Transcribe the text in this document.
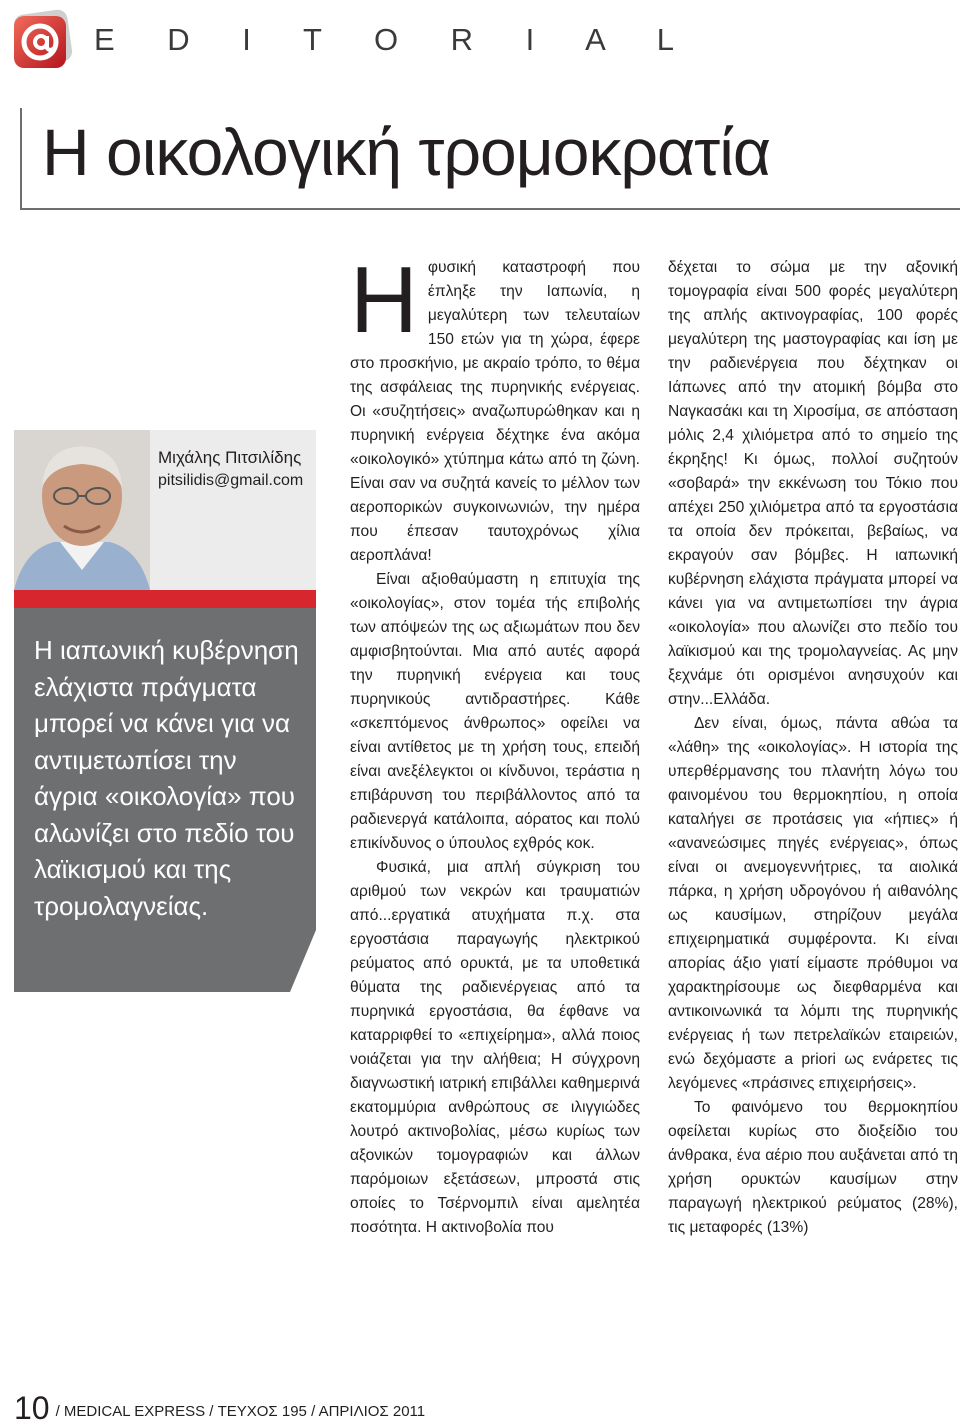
E D I T O R I A L
Η οικολογική τρομοκρατία
Μιχάλης Πιτσιλίδης
pitsilidis@gmail.com

Η ιαπωνική κυβέρνηση ελάχιστα πράγματα μπορεί να κάνει για να αντιμετωπίσει την άγρια «οικολογία» που αλωνίζει στο πεδίο του λαϊκισμού και της τρομολαγνείας.

Ηφυσική καταστροφή που έπληξε την Ιαπωνία, η μεγαλύτερη των τελευταίων 150 ετών για τη χώρα, έφερε στο προσκήνιο, με ακραίο τρόπο, το θέμα της ασφάλειας της πυρηνικής ενέργειας. Οι «συζητήσεις» αναζωπυρώθηκαν και η πυρηνική ενέργεια δέχτηκε ένα ακόμα «οικολογικό» χτύπημα κάτω από τη ζώνη. Είναι σαν να συζητά κανείς το μέλλον των αεροπορικών συγκοινωνιών, την ημέρα που έπεσαν ταυτοχρόνως χίλια αεροπλάνα!

Είναι αξιοθαύμαστη η επιτυχία της «οικολογίας», στον τομέα τής επιβολής των απόψεών της ως αξιωμάτων που δεν αμφισβητούνται. Μια από αυτές αφορά την πυρηνική ενέργεια και τους πυρηνικούς αντιδραστήρες. Κάθε «σκεπτόμενος άνθρωπος» οφείλει να είναι αντίθετος με τη χρήση τους, επειδή είναι ανεξέλεγκτοι οι κίνδυνοι, τεράστια η επιβάρυνση του περιβάλλοντος από τα ραδιενεργά κατάλοιπα, αόρατος και πολύ επικίνδυνος ο ύπουλος εχθρός κοκ.

Φυσικά, μια απλή σύγκριση του αριθμού των νεκρών και τραυματιών από...εργατικά ατυχήματα π.χ. στα εργοστάσια παραγωγής ηλεκτρικού ρεύματος από ορυκτά, με τα υποθετικά θύματα της ραδιενέργειας από τα πυρηνικά εργοστάσια, θα έφθανε να καταρριφθεί το «επιχείρημα», αλλά ποιος νοιάζεται για την αλήθεια; Η σύγχρονη διαγνωστική ιατρική επιβάλλει καθημερινά εκατομμύρια ανθρώπους σε ιλιγγιώδες λουτρό ακτινοβολίας, μέσω κυρίως των αξονικών τομογραφιών και άλλων παρόμοιων εξετάσεων, μπροστά στις οποίες το Τσέρνομπιλ είναι αμελητέα ποσότητα. Η ακτινοβολία που

δέχεται το σώμα με την αξονική τομογραφία είναι 500 φορές μεγαλύτερη της απλής ακτινογραφίας, 100 φορές μεγαλύτερη της μαστογραφίας και ίση με την ραδιενέργεια που δέχτηκαν οι Ιάπωνες από την ατομική βόμβα στο Ναγκασάκι και τη Χιροσίμα, σε απόσταση μόλις 2,4 χιλιόμετρα από το σημείο της έκρηξης! Κι όμως, πολλοί συζητούν «σοβαρά» την εκκένωση του Τόκιο που απέχει 250 χιλιόμετρα από τα εργοστάσια τα οποία δεν πρόκειται, βεβαίως, να εκραγούν σαν βόμβες. Η ιαπωνική κυβέρνηση ελάχιστα πράγματα μπορεί να κάνει για να αντιμετωπίσει την άγρια «οικολογία» που αλωνίζει στο πεδίο του λαϊκισμού και της τρομολαγνείας. Ας μην ξεχνάμε ότι ορισμένοι ανησυχούν και στην...Ελλάδα.

Δεν είναι, όμως, πάντα αθώα τα «λάθη» της «οικολογίας». Η ιστορία της υπερθέρμανσης του πλανήτη λόγω του φαινομένου του θερμοκηπίου, η οποία καταλήγει σε προτάσεις για «ήπιες» ή «ανανεώσιμες πηγές ενέργειας», όπως είναι οι ανεμογεννήτριες, τα αιολικά πάρκα, η χρήση υδρογόνου ή αιθανόλης ως καυσίμων, στηρίζουν μεγάλα επιχειρηματικά συμφέροντα. Κι είναι απορίας άξιο γιατί είμαστε πρόθυμοι να χαρακτηρίσουμε ως διεφθαρμένα και αντικοινωνικά τα λόμπι της πυρηνικής ενέργειας ή των πετρελαϊκών εταιρειών, ενώ δεχόμαστε a priori ως ενάρετες τις λεγόμενες «πράσινες επιχειρήσεις».

Το φαινόμενο του θερμοκηπίου οφείλεται κυρίως στο διοξείδιο του άνθρακα, ένα αέριο που αυξάνεται από τη χρήση ορυκτών καυσίμων στην παραγωγή ηλεκτρικού ρεύματος (28%), τις μεταφορές (13%)

10 / MEDICAL EXPRESS / ΤΕΥΧΟΣ 195 / ΑΠΡΙΛΙΟΣ 2011
